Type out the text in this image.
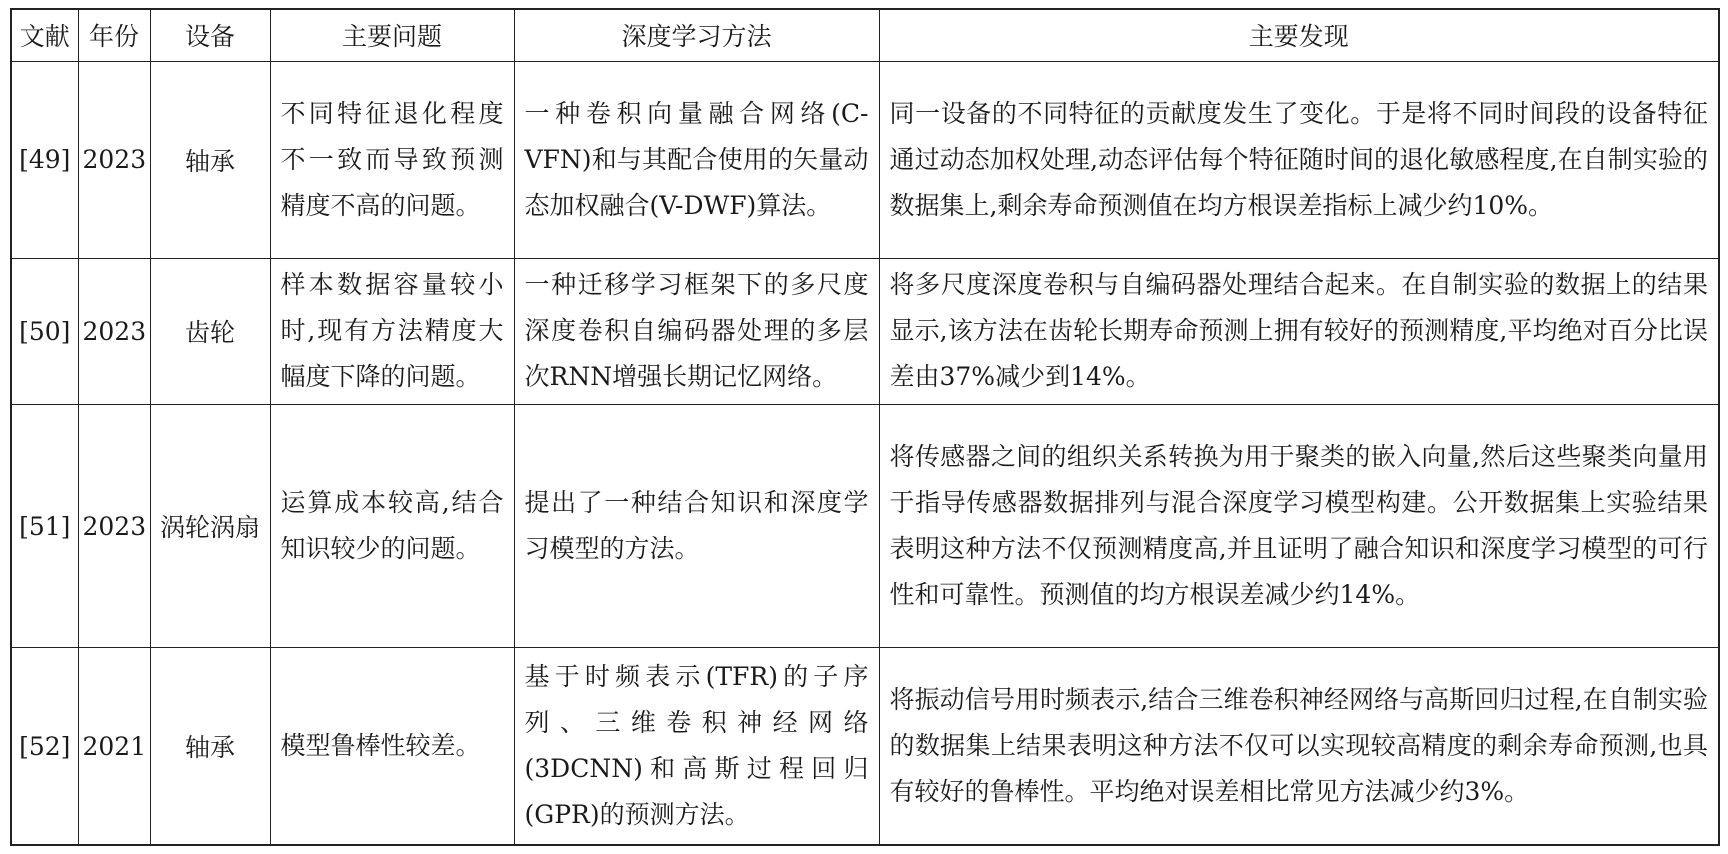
文献	年份	设备	主要问题	深度学习方法	主要发现
[49]	2023	轴承	不同特征退化程度不一致而导致预测精度不高的问题。	一种卷积向量融合网络(C-VFN)和与其配合使用的矢量动态加权融合(V-DWF)算法。	同一设备的不同特征的贡献度发生了变化。于是将不同时间段的设备特征通过动态加权处理,动态评估每个特征随时间的退化敏感程度,在自制实验的数据集上,剩余寿命预测值在均方根误差指标上减少约10%。
[50]	2023	齿轮	样本数据容量较小时,现有方法精度大幅度下降的问题。	一种迁移学习框架下的多尺度深度卷积自编码器处理的多层次RNN增强长期记忆网络。	将多尺度深度卷积与自编码器处理结合起来。在自制实验的数据上的结果显示,该方法在齿轮长期寿命预测上拥有较好的预测精度,平均绝对百分比误差由37%减少到14%。
[51]	2023	涡轮涡扇	运算成本较高,结合知识较少的问题。	提出了一种结合知识和深度学习模型的方法。	将传感器之间的组织关系转换为用于聚类的嵌入向量,然后这些聚类向量用于指导传感器数据排列与混合深度学习模型构建。公开数据集上实验结果表明这种方法不仅预测精度高,并且证明了融合知识和深度学习模型的可行性和可靠性。预测值的均方根误差减少约14%。
[52]	2021	轴承	模型鲁棒性较差。	基于时频表示(TFR)的子序列、三维卷积神经网络(3DCNN)和高斯过程回归(GPR)的预测方法。	将振动信号用时频表示,结合三维卷积神经网络与高斯回归过程,在自制实验的数据集上结果表明这种方法不仅可以实现较高精度的剩余寿命预测,也具有较好的鲁棒性。平均绝对误差相比常见方法减少约3%。
